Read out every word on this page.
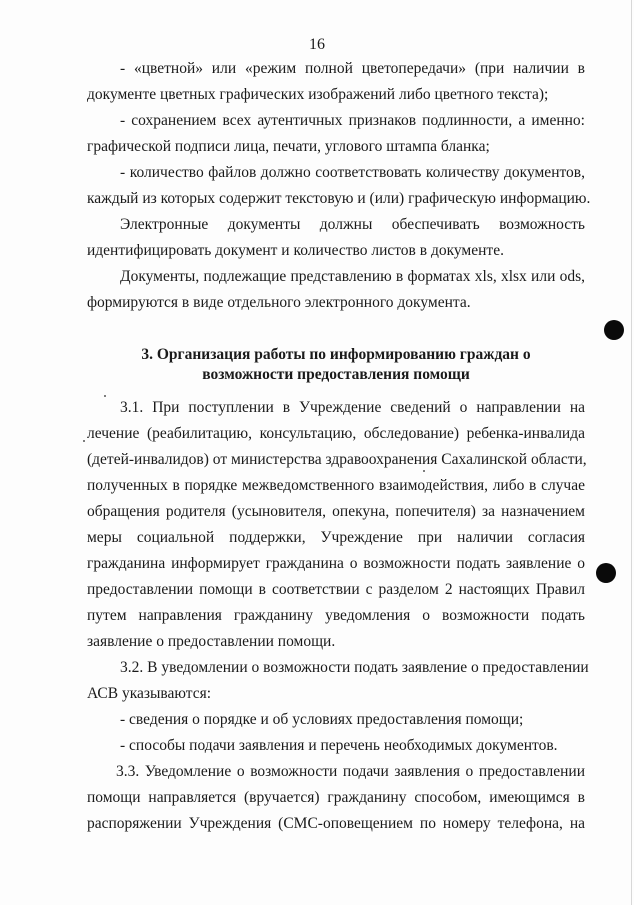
16
- «цветной» или «режим полной цветопередачи» (при наличии в
документе цветных графических изображений либо цветного текста);
- сохранением всех аутентичных признаков подлинности, а именно:
графической подписи лица, печати, углового штампа бланка;
- количество файлов должно соответствовать количеству документов,
каждый из которых содержит текстовую и (или) графическую информацию.
Электронные документы должны обеспечивать возможность
идентифицировать документ и количество листов в документе.
Документы, подлежащие представлению в форматах xls, xlsx или ods,
формируются в виде отдельного электронного документа.
3. Организация работы по информированию граждан о
возможности предоставления помощи
3.1. При поступлении в Учреждение сведений о направлении на
лечение (реабилитацию, консультацию, обследование) ребенка-инвалида
(детей-инвалидов) от министерства здравоохранения Сахалинской области,
полученных в порядке межведомственного взаимодействия, либо в случае
обращения родителя (усыновителя, опекуна, попечителя) за назначением
меры социальной поддержки, Учреждение при наличии согласия
гражданина информирует гражданина о возможности подать заявление о
предоставлении помощи в соответствии с разделом 2 настоящих Правил
путем направления гражданину уведомления о возможности подать
заявление о предоставлении помощи.
3.2. В уведомлении о возможности подать заявление о предоставлении
АСВ указываются:
- сведения о порядке и об условиях предоставления помощи;
- способы подачи заявления и перечень необходимых документов.
3.3. Уведомление о возможности подачи заявления о предоставлении
помощи направляется (вручается) гражданину способом, имеющимся в
распоряжении Учреждения (СМС-оповещением по номеру телефона, на
